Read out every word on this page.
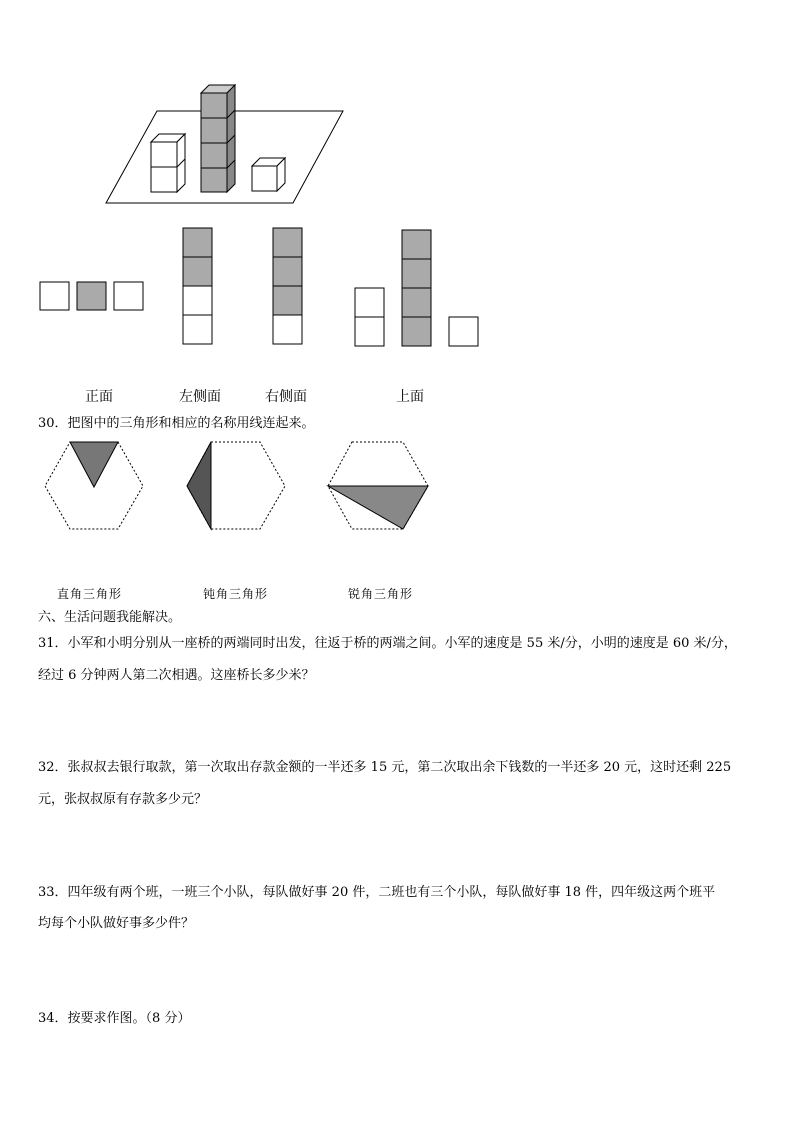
正面	左侧面	右侧面	上面
30．把图中的三角形和相应的名称用线连起来。
直角三角形	钝角三角形	锐角三角形
六、生活问题我能解决。
31．小军和小明分别从一座桥的两端同时出发，往返于桥的两端之间。小军的速度是 55 米/分，小明的速度是 60 米/分，
经过 6 分钟两人第二次相遇。这座桥长多少米？
32．张叔叔去银行取款，第一次取出存款金额的一半还多 15 元，第二次取出余下钱数的一半还多 20 元，这时还剩 225
元，张叔叔原有存款多少元？
33．四年级有两个班，一班三个小队，每队做好事 20 件，二班也有三个小队，每队做好事 18 件，四年级这两个班平
均每个小队做好事多少件？
34．按要求作图。（8 分）
